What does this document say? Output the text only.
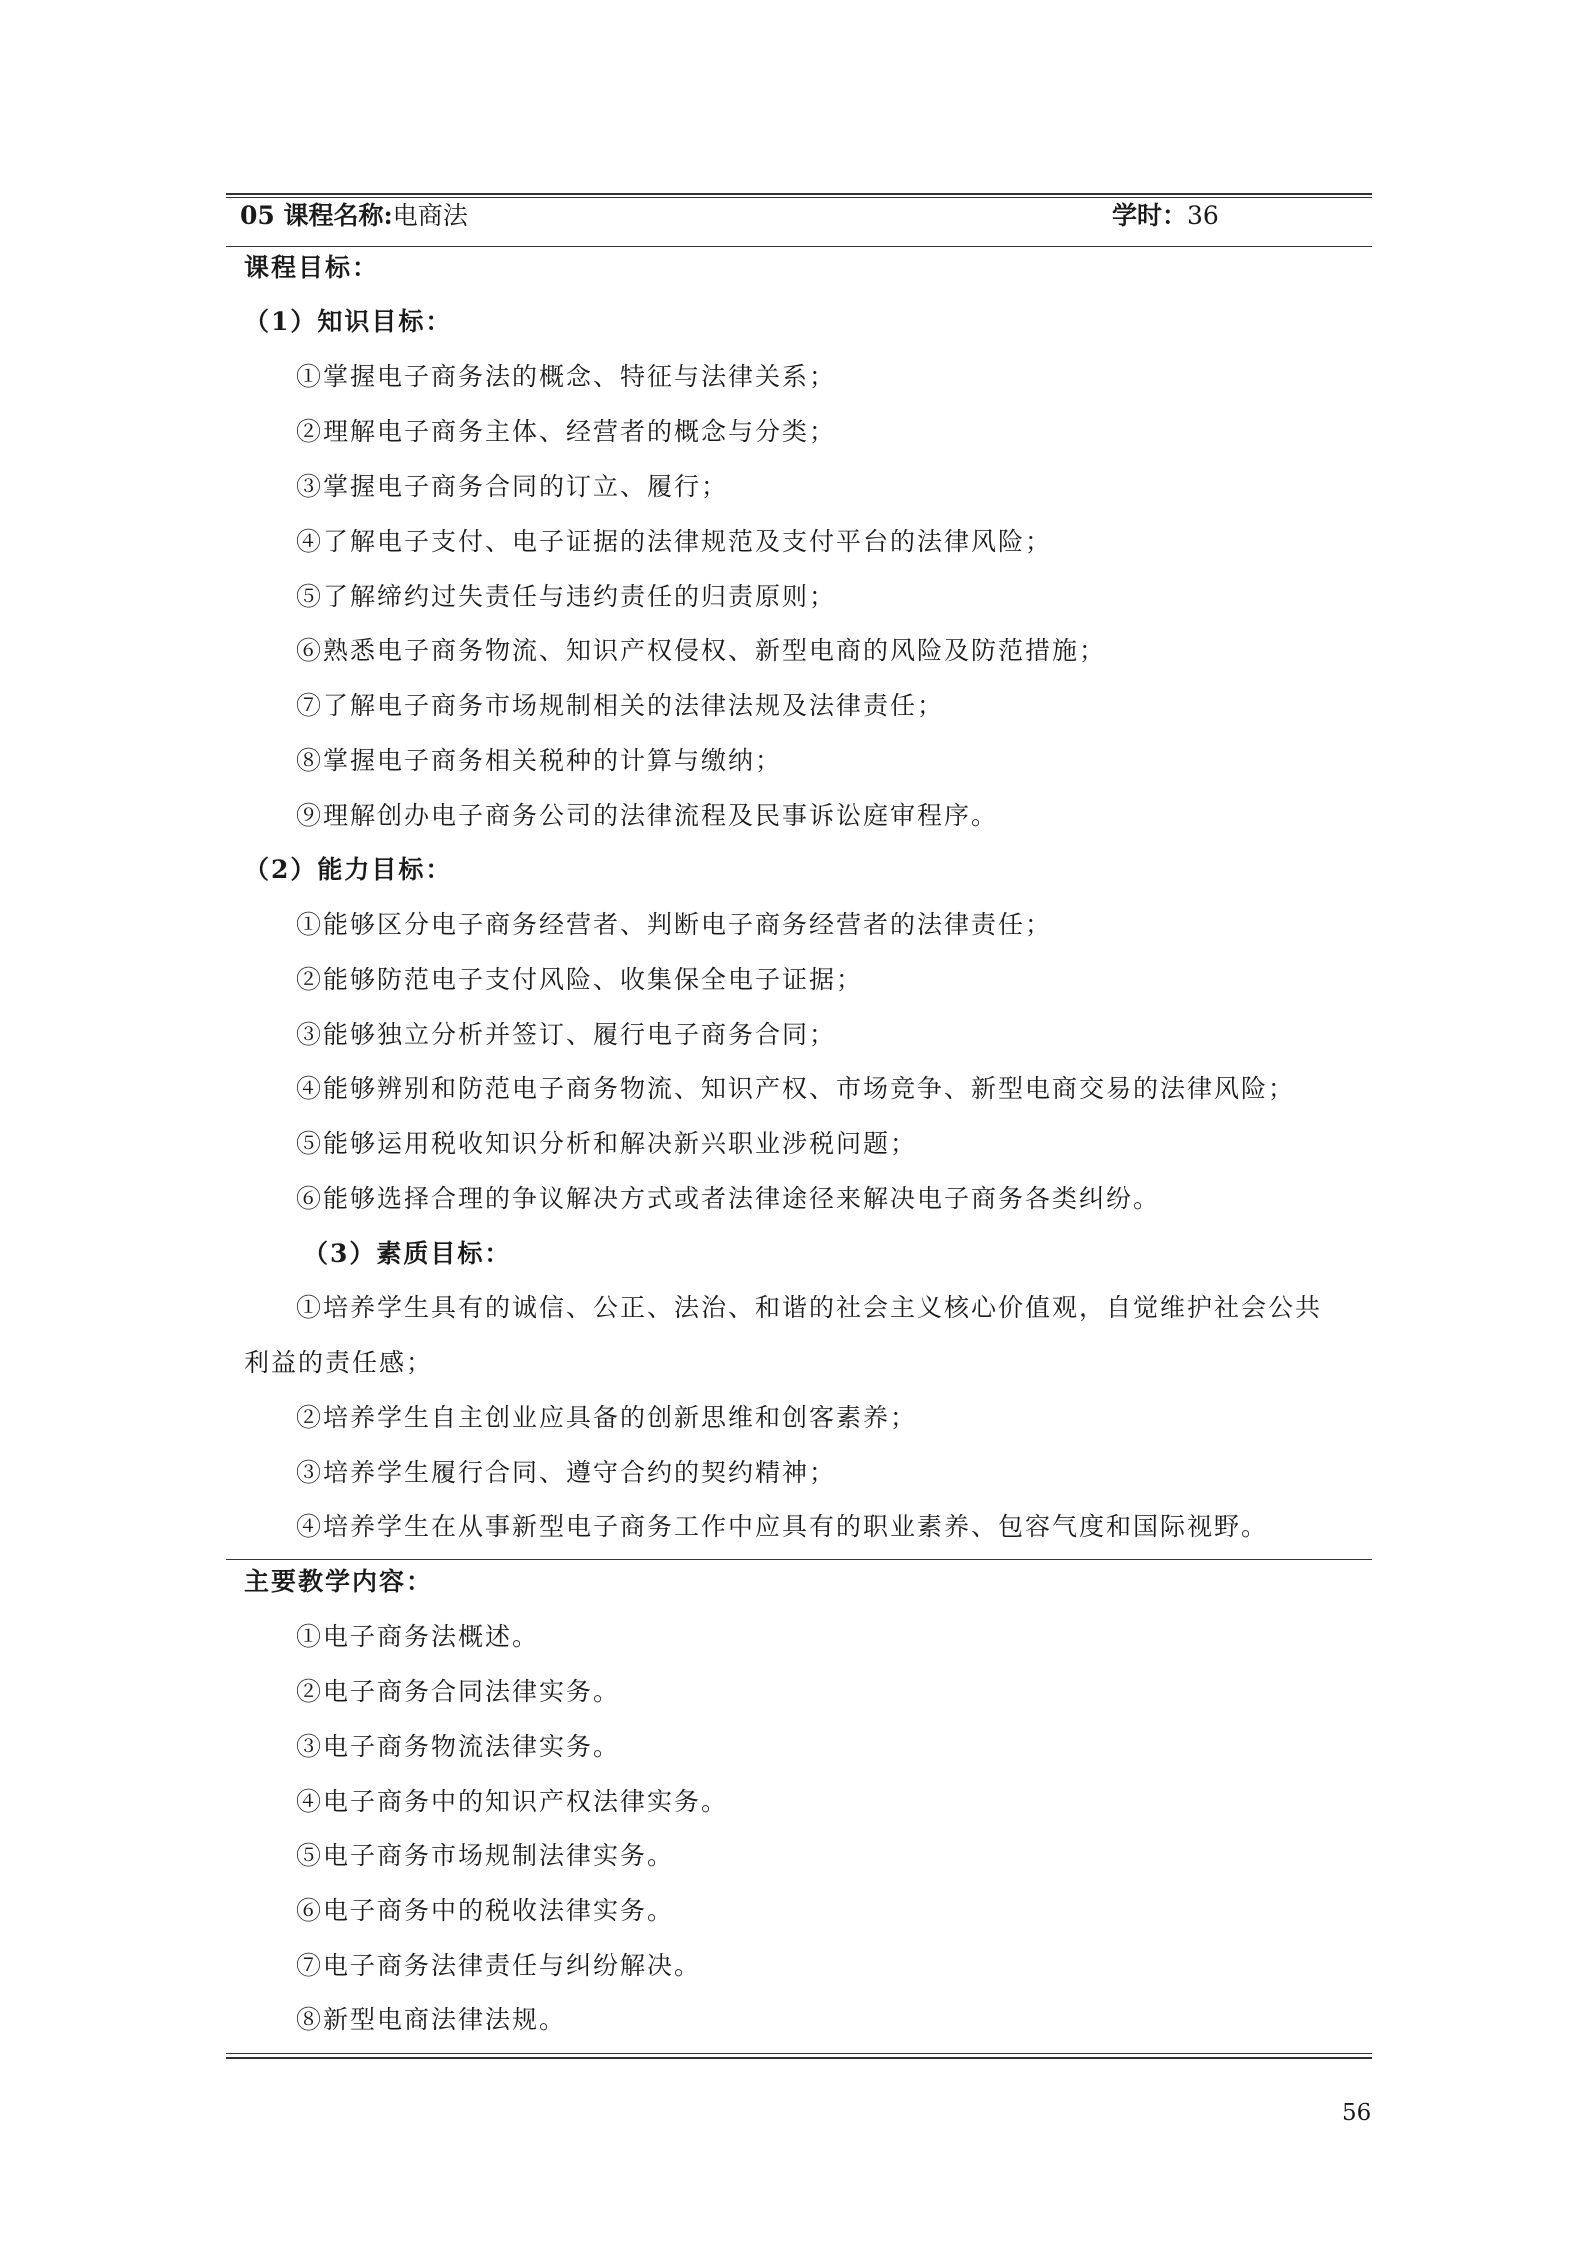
05 课程名称:电商法	学时：36
课程目标：
（1）知识目标：
①掌握电子商务法的概念、特征与法律关系；
②理解电子商务主体、经营者的概念与分类；
③掌握电子商务合同的订立、履行；
④了解电子支付、电子证据的法律规范及支付平台的法律风险；
⑤了解缔约过失责任与违约责任的归责原则；
⑥熟悉电子商务物流、知识产权侵权、新型电商的风险及防范措施；
⑦了解电子商务市场规制相关的法律法规及法律责任；
⑧掌握电子商务相关税种的计算与缴纳；
⑨理解创办电子商务公司的法律流程及民事诉讼庭审程序。
（2）能力目标：
①能够区分电子商务经营者、判断电子商务经营者的法律责任；
②能够防范电子支付风险、收集保全电子证据；
③能够独立分析并签订、履行电子商务合同；
④能够辨别和防范电子商务物流、知识产权、市场竞争、新型电商交易的法律风险；
⑤能够运用税收知识分析和解决新兴职业涉税问题；
⑥能够选择合理的争议解决方式或者法律途径来解决电子商务各类纠纷。
（3）素质目标：
①培养学生具有的诚信、公正、法治、和谐的社会主义核心价值观，自觉维护社会公共
利益的责任感；
②培养学生自主创业应具备的创新思维和创客素养；
③培养学生履行合同、遵守合约的契约精神；
④培养学生在从事新型电子商务工作中应具有的职业素养、包容气度和国际视野。
主要教学内容：
①电子商务法概述。
②电子商务合同法律实务。
③电子商务物流法律实务。
④电子商务中的知识产权法律实务。
⑤电子商务市场规制法律实务。
⑥电子商务中的税收法律实务。
⑦电子商务法律责任与纠纷解决。
⑧新型电商法律法规。
56
